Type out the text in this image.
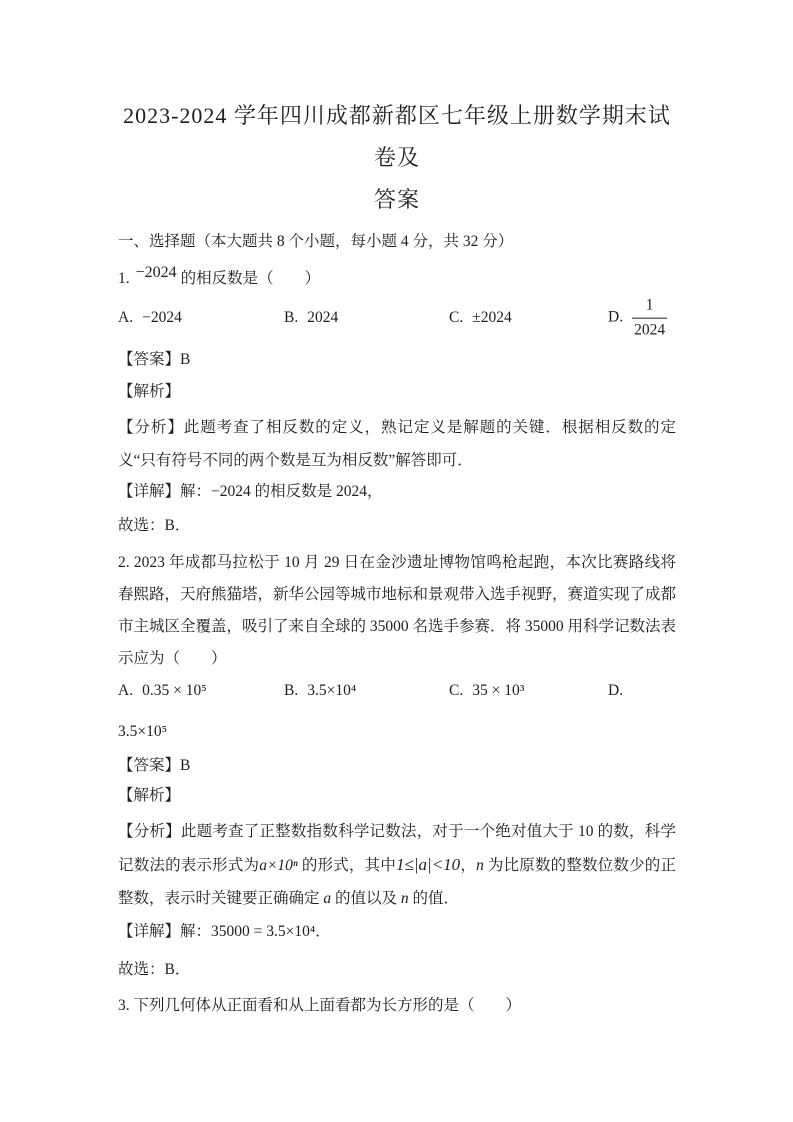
2023-2024 学年四川成都新都区七年级上册数学期末试卷及
答案
一、选择题（本大题共 8 个小题，每小题 4 分，共 32 分）
1. −2024 的相反数是（　　）
A. −2024	B. 2024	C. ±2024	D. $\frac{1}{2024}$
【答案】B
【解析】
【分析】此题考查了相反数的定义，熟记定义是解题的关键．根据相反数的定义“只有符号不同的两个数是互为相反数”解答即可．
【详解】解：−2024 的相反数是 2024，
故选：B．
2. 2023 年成都马拉松于 10 月 29 日在金沙遗址博物馆鸣枪起跑，本次比赛路线将春熙路，天府熊猫塔，新华公园等城市地标和景观带入选手视野，赛道实现了成都市主城区全覆盖，吸引了来自全球的 35000 名选手参赛．将 35000 用科学记数法表示应为（　　）
A. 0.35 × 10⁵	B. 3.5×10⁴	C. 35 × 10³	D.
3.5×10⁵
【答案】B
【解析】
【分析】此题考查了正整数指数科学记数法，对于一个绝对值大于 10 的数，科学记数法的表示形式为a×10ⁿ 的形式，其中1≤|a|<10，n 为比原数的整数位数少的正整数，表示时关键要正确确定 a 的值以及 n 的值．
【详解】解：35000 = 3.5×10⁴．
故选：B．
3. 下列几何体从正面看和从上面看都为长方形的是（　　）
